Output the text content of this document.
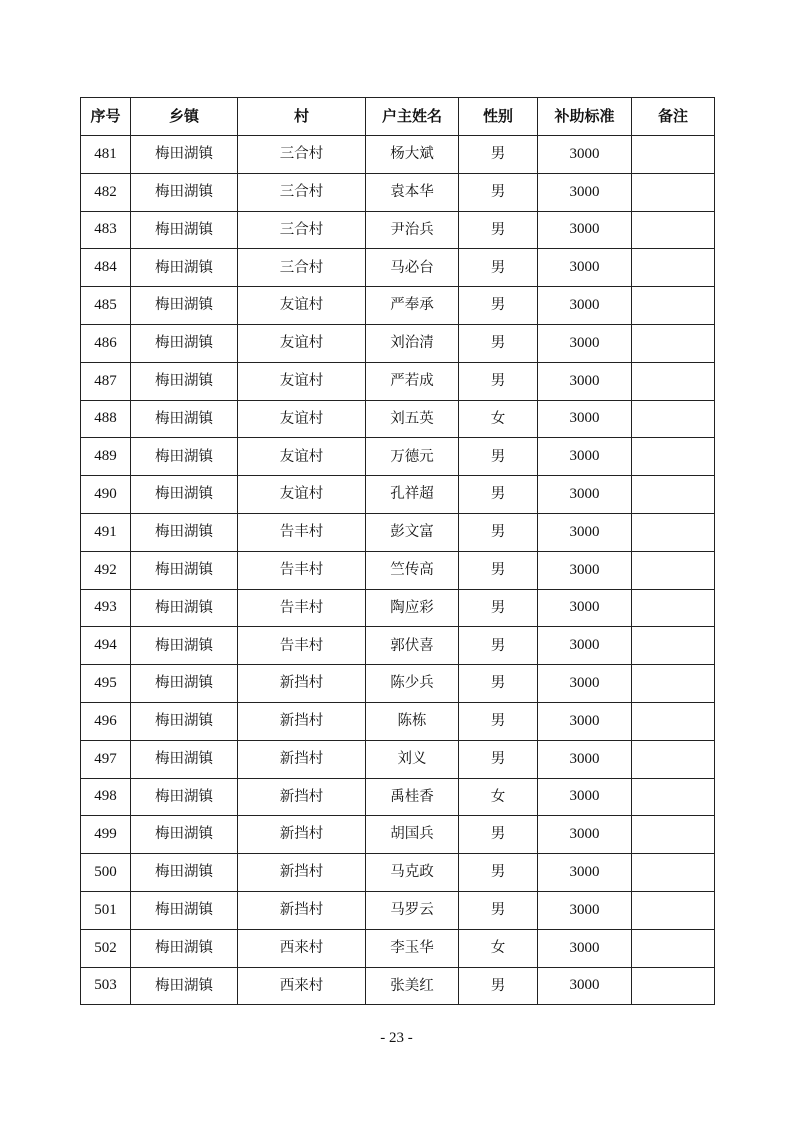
序号	乡镇	村	户主姓名	性别	补助标准	备注
481	梅田湖镇	三合村	杨大斌	男	3000	
482	梅田湖镇	三合村	袁本华	男	3000	
483	梅田湖镇	三合村	尹治兵	男	3000	
484	梅田湖镇	三合村	马必台	男	3000	
485	梅田湖镇	友谊村	严奉承	男	3000	
486	梅田湖镇	友谊村	刘治清	男	3000	
487	梅田湖镇	友谊村	严若成	男	3000	
488	梅田湖镇	友谊村	刘五英	女	3000	
489	梅田湖镇	友谊村	万德元	男	3000	
490	梅田湖镇	友谊村	孔祥超	男	3000	
491	梅田湖镇	告丰村	彭文富	男	3000	
492	梅田湖镇	告丰村	竺传高	男	3000	
493	梅田湖镇	告丰村	陶应彩	男	3000	
494	梅田湖镇	告丰村	郭伏喜	男	3000	
495	梅田湖镇	新挡村	陈少兵	男	3000	
496	梅田湖镇	新挡村	陈栋	男	3000	
497	梅田湖镇	新挡村	刘义	男	3000	
498	梅田湖镇	新挡村	禹桂香	女	3000	
499	梅田湖镇	新挡村	胡国兵	男	3000	
500	梅田湖镇	新挡村	马克政	男	3000	
501	梅田湖镇	新挡村	马罗云	男	3000	
502	梅田湖镇	西来村	李玉华	女	3000	
503	梅田湖镇	西来村	张美红	男	3000	
- 23 -
